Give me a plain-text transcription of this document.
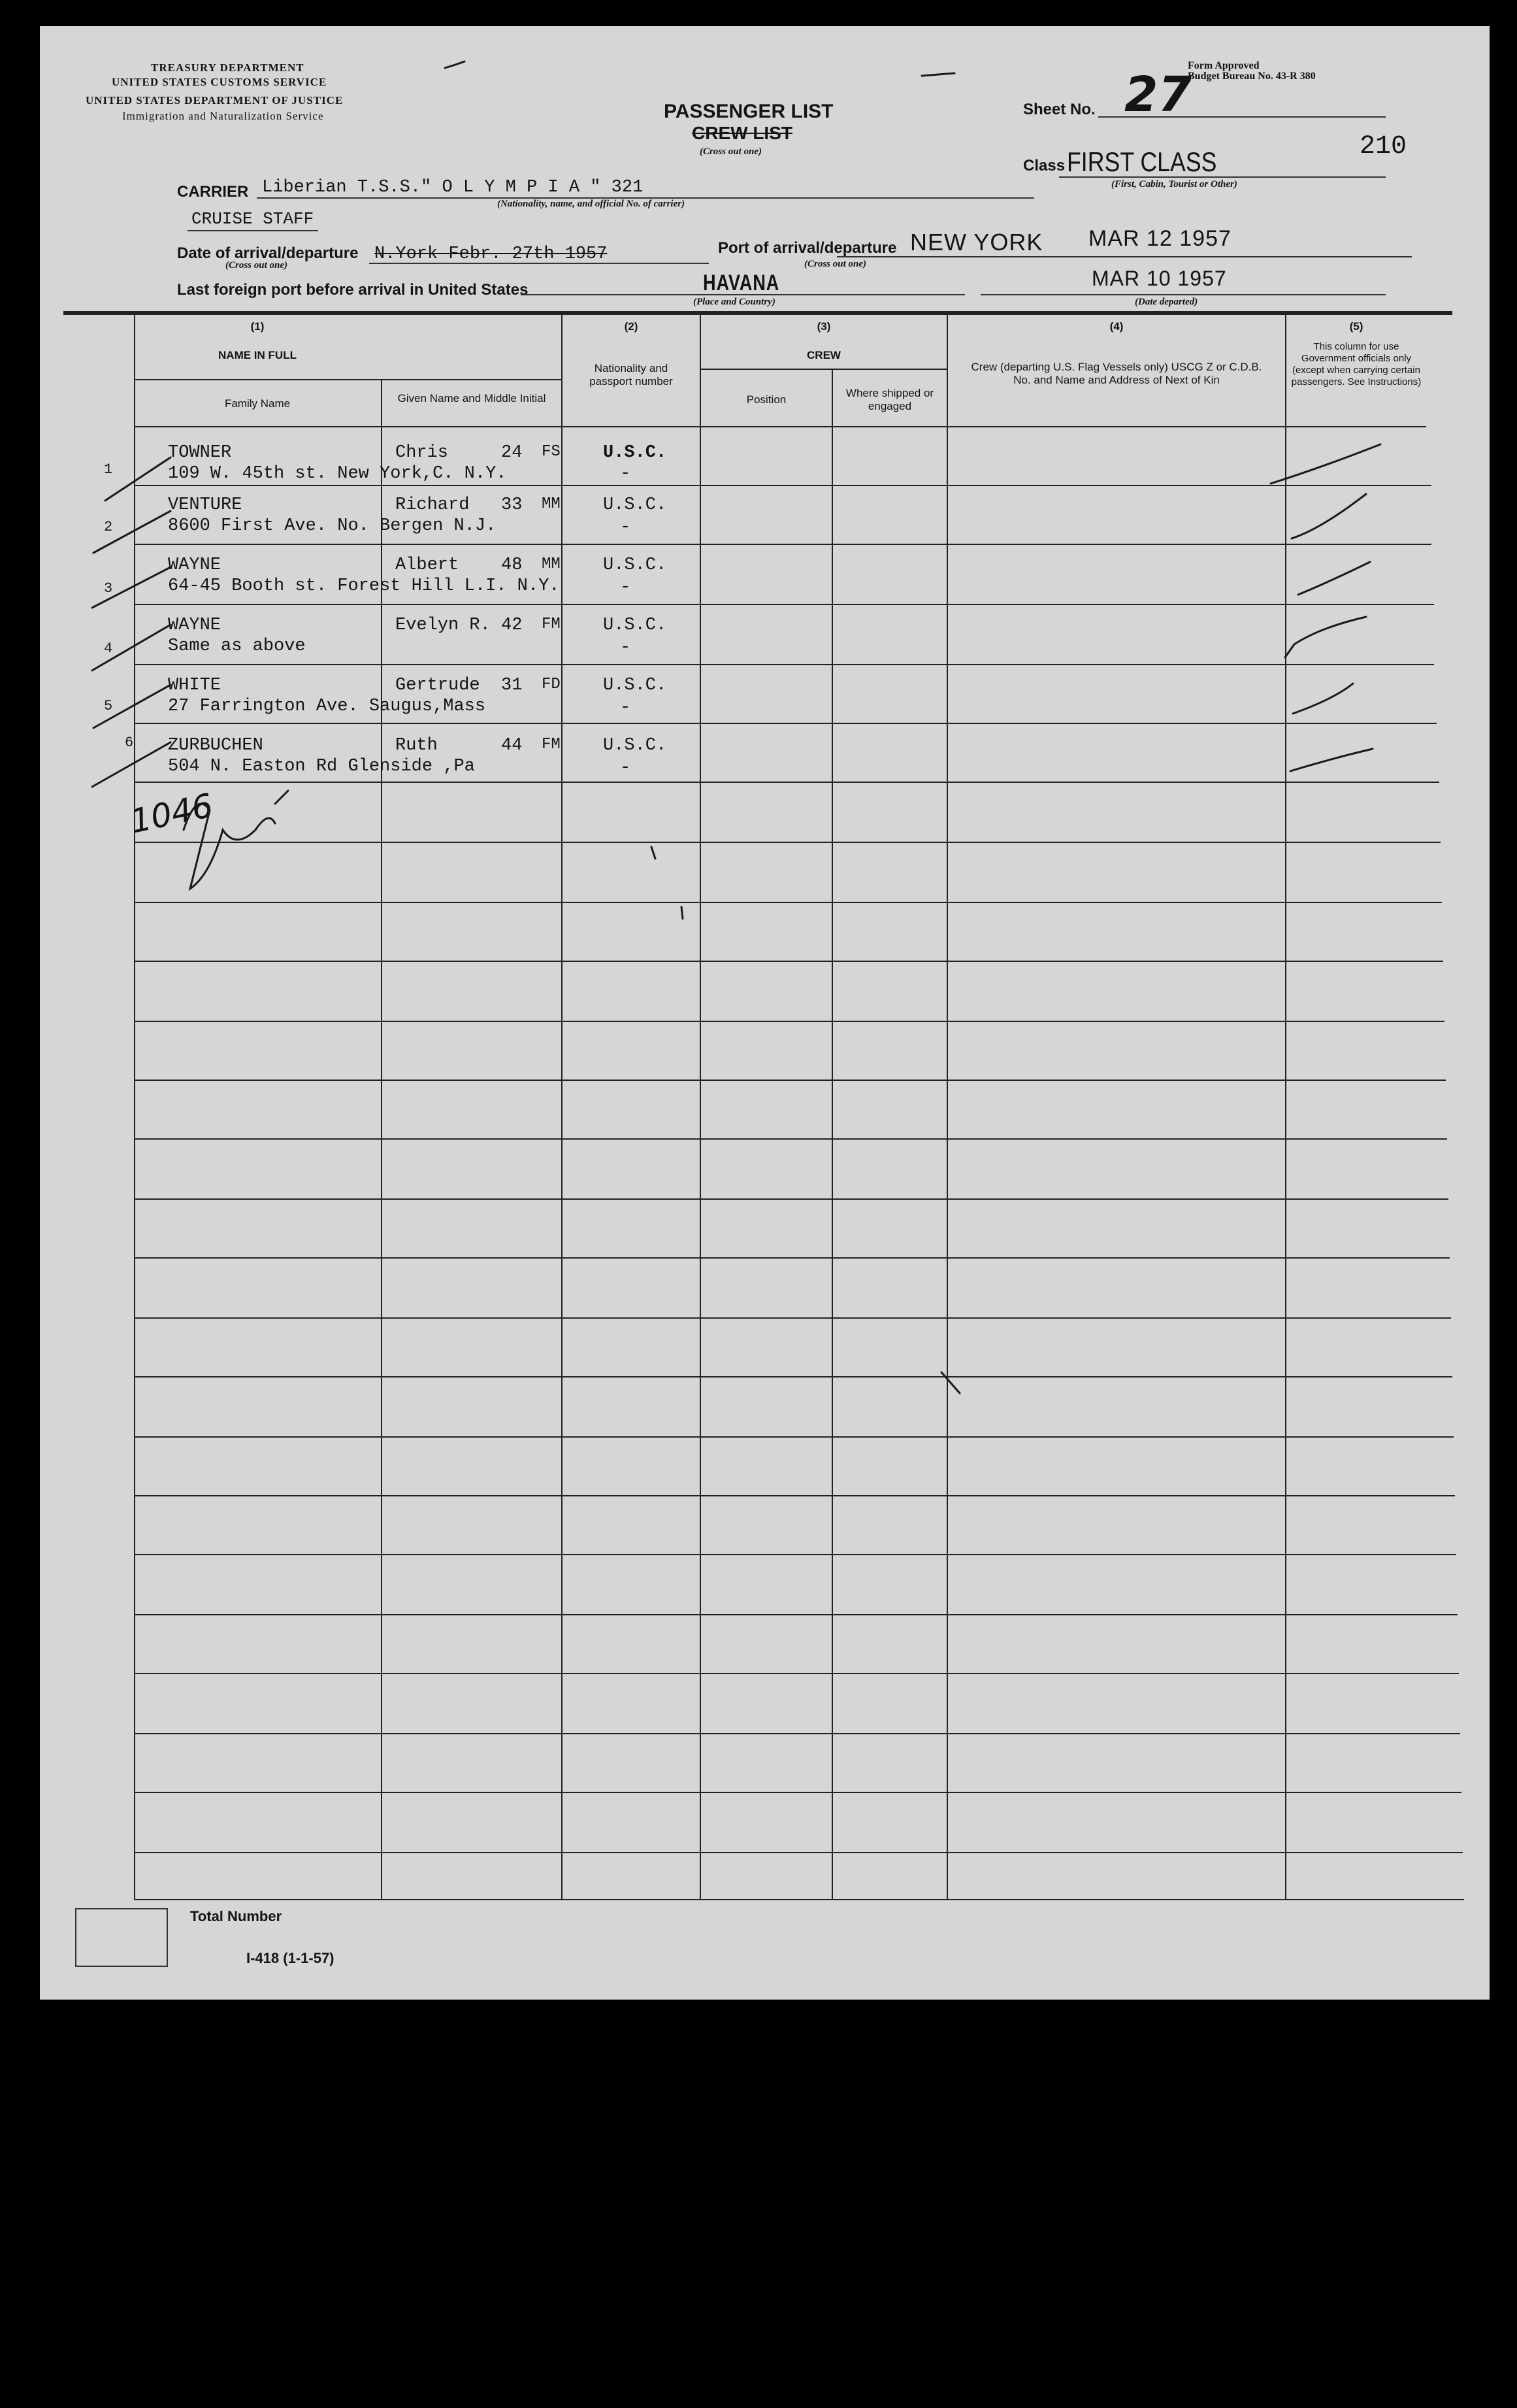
TREASURY DEPARTMENT
UNITED STATES CUSTOMS SERVICE
UNITED STATES DEPARTMENT OF JUSTICE
Immigration and Naturalization Service	PASSENGER LIST
CREW LIST
(Cross out one)
Form Approved
Budget Bureau No. 43-R 380
Sheet No. 27
Class FIRST CLASS
(First, Cabin, Tourist or Other)
210
CARRIER Liberian T.S.S." O L Y M P I A " 321
(Nationality, name, and official No. of carrier)
CRUISE STAFF
Date of arrival/departure
(Cross out one)
N.York Febr. 27th 1957	Port of arrival/departure
(Cross out one)
NEW YORK MAR 12 1957
Last foreign port before arrival in United States	HAVANA
(Place and Country)
MAR 10 1957
(Date departed)
(1)
NAME IN FULL
Family Name	Given Name and Middle Initial
(2)
Nationality and passport number
(3)
CREW
Position
Where shipped or engaged
(4)
Crew (departing U.S. Flag Vessels only) USCG Z or C.D.B. No. and Name and Address of Next of Kin
(5)
This column for use Government officials only (except when carrying certain passengers. See Instructions)
1
TOWNER	Chris	24 FS U.S.C.
109 W. 45th st. New York,C. N.Y.	-
2
VENTURE	Richard 33 MM U.S.C.
8600 First Ave. No. Bergen N.J.	-
3
WAYNE	Albert 48 MM U.S.C.
64-45 Booth st. Forest Hill L.I. N.Y.	-
4
WAYNE	Evelyn R. 42 FM U.S.C.
Same as above	-
5
WHITE	Gertrude 31 FD U.S.C.
27 Farrington Ave. Saugus,Mass	-
6 ZURBUCHEN	Ruth	44 FM U.S.C.
504 N. Easton Rd Glenside ,Pa	-
1046
Total Number
I-418 (1-1-57)
